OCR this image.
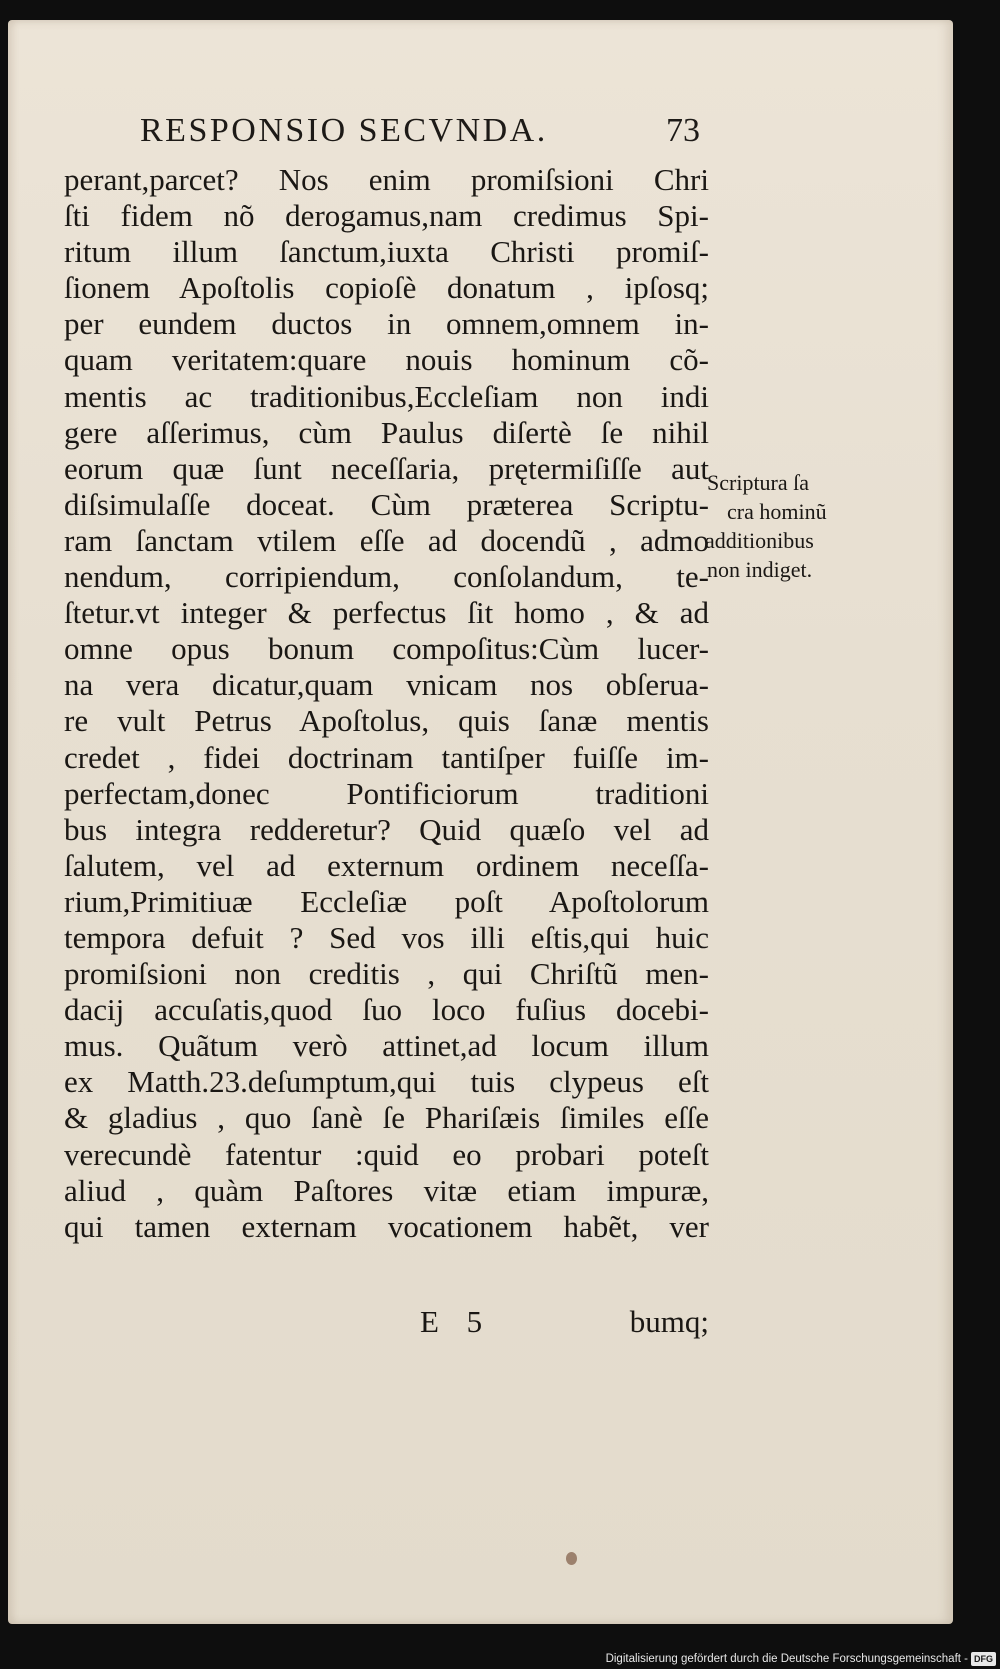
RESPONSIO SECVNDA.	73
perant,parcet? Nos enim promiſsioni Chri
ſti fidem nõ derogamus,nam credimus Spi-
ritum illum ſanctum,iuxta Christi promiſ-
ſionem Apoſtolis copioſè donatum , ipſosq;
per eundem ductos in omnem,omnem in-
quam veritatem:quare nouis hominum cõ-
mentis ac traditionibus,Eccleſiam non indi
gere aſſerimus, cùm Paulus diſertè ſe nihil
eorum quæ ſunt neceſſaria, prętermiſiſſe aut
diſsimulaſſe doceat. Cùm præterea Scriptu-
ram ſanctam vtilem eſſe ad docendũ , admo
nendum, corripiendum, conſolandum, te-
ſtetur.vt integer & perfectus ſit homo , & ad
omne opus bonum compoſitus:Cùm lucer-
na vera dicatur,quam vnicam nos obſerua-
re vult Petrus Apoſtolus, quis ſanæ mentis
credet , fidei doctrinam tantiſper fuiſſe im-
perfectam,donec Pontificiorum traditioni
bus integra redderetur? Quid quæſo vel ad
ſalutem, vel ad externum ordinem neceſſa-
rium,Primitiuæ Eccleſiæ poſt Apoſtolorum
tempora defuit ? Sed vos illi eſtis,qui huic
promiſsioni non creditis , qui Chriſtũ men-
dacij accuſatis,quod ſuo loco fuſius docebi-
mus. Quãtum verò attinet,ad locum illum
ex Matth.23.deſumptum,qui tuis clypeus eſt
& gladius , quo ſanè ſe Phariſæis ſimiles eſſe
verecundè fatentur :quid eo probari poteſt
aliud , quàm Paſtores vitæ etiam impuræ,
qui tamen externam vocationem habẽt, ver
Scriptura ſa
cra hominũ
additionibus
non indiget.
E 5	bumq;
Digitalisierung gefördert durch die Deutsche Forschungsgemeinschaft - DFG
